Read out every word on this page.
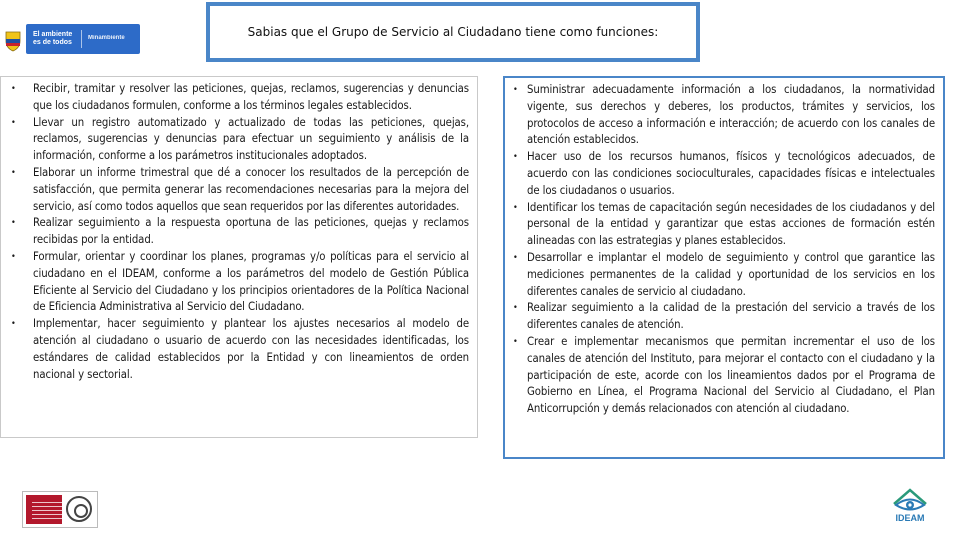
El ambiente
es de todos
Minambiente	Sabias que el Grupo de Servicio al Ciudadano tiene como funciones:
• Recibir, tramitar y resolver las peticiones, quejas, reclamos, sugerencias y denuncias que los ciudadanos formulen, conforme a los términos legales establecidos.
• Llevar un registro automatizado y actualizado de todas las peticiones, quejas, reclamos, sugerencias y denuncias para efectuar un seguimiento y análisis de la información, conforme a los parámetros institucionales adoptados.
• Elaborar un informe trimestral que dé a conocer los resultados de la percepción de satisfacción, que permita generar las recomendaciones necesarias para la mejora del servicio, así como todos aquellos que sean requeridos por las diferentes autoridades.
• Realizar seguimiento a la respuesta oportuna de las peticiones, quejas y reclamos recibidas por la entidad.
• Formular, orientar y coordinar los planes, programas y/o políticas para el servicio al ciudadano en el IDEAM, conforme a los parámetros del modelo de Gestión Pública Eficiente al Servicio del Ciudadano y los principios orientadores de la Política Nacional de Eficiencia Administrativa al Servicio del Ciudadano.
• Implementar, hacer seguimiento y plantear los ajustes necesarios al modelo de atención al ciudadano o usuario de acuerdo con las necesidades identificadas, los estándares de calidad establecidos por la Entidad y con lineamientos de orden nacional y sectorial.
• Suministrar adecuadamente información a los ciudadanos, la normatividad vigente, sus derechos y deberes, los productos, trámites y servicios, los protocolos de acceso a información e interacción; de acuerdo con los canales de atención establecidos.
• Hacer uso de los recursos humanos, físicos y tecnológicos adecuados, de acuerdo con las condiciones socioculturales, capacidades físicas e intelectuales de los ciudadanos o usuarios.
• Identificar los temas de capacitación según necesidades de los ciudadanos y del personal de la entidad y garantizar que estas acciones de formación estén alineadas con las estrategias y planes establecidos.
• Desarrollar e implantar el modelo de seguimiento y control que garantice las mediciones permanentes de la calidad y oportunidad de los servicios en los diferentes canales de servicio al ciudadano.
• Realizar seguimiento a la calidad de la prestación del servicio a través de los diferentes canales de atención.
• Crear e implementar mecanismos que permitan incrementar el uso de los canales de atención del Instituto, para mejorar el contacto con el ciudadano y la participación de este, acorde con los lineamientos dados por el Programa de Gobierno en Línea, el Programa Nacional del Servicio al Ciudadano, el Plan Anticorrupción y demás relacionados con atención al ciudadano.
IDEAM
